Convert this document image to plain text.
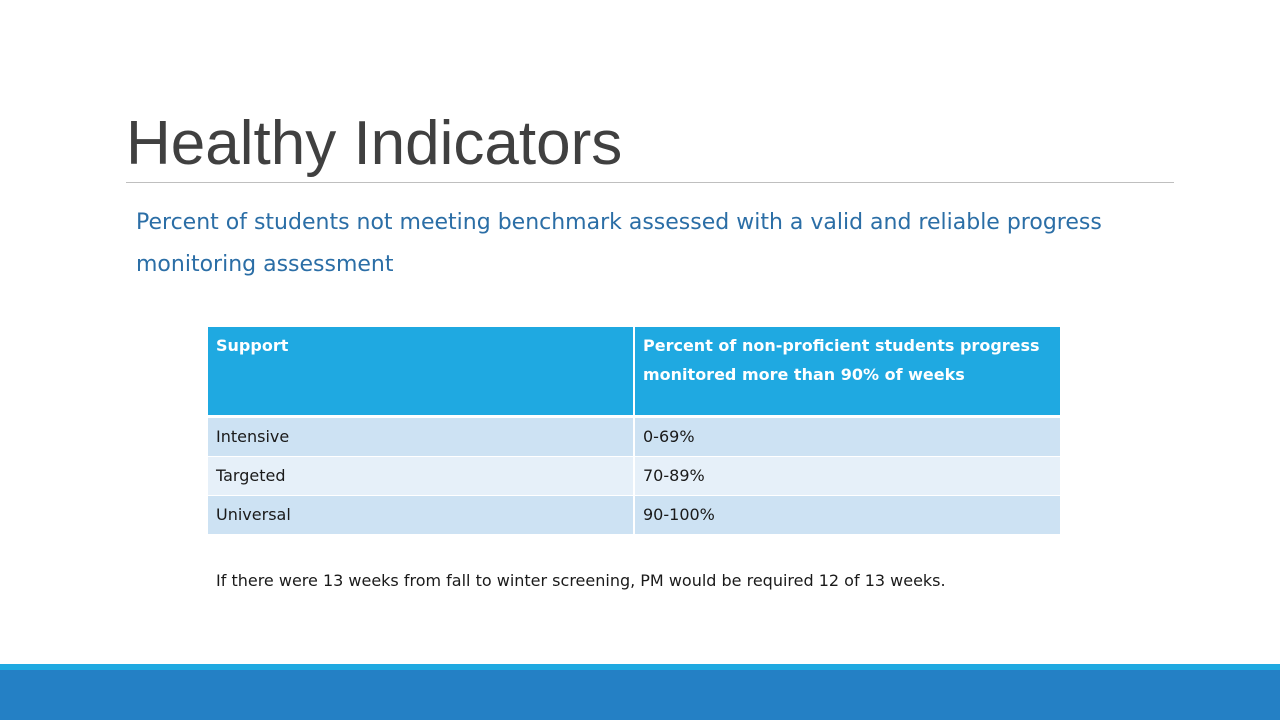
Healthy Indicators

Percent of students not meeting benchmark assessed with a valid and reliable progress monitoring assessment

Support	Percent of non-proficient students progress monitored more than 90% of weeks
Intensive	0-69%
Targeted	70-89%
Universal	90-100%

If there were 13 weeks from fall to winter screening, PM would be required 12 of 13 weeks.
